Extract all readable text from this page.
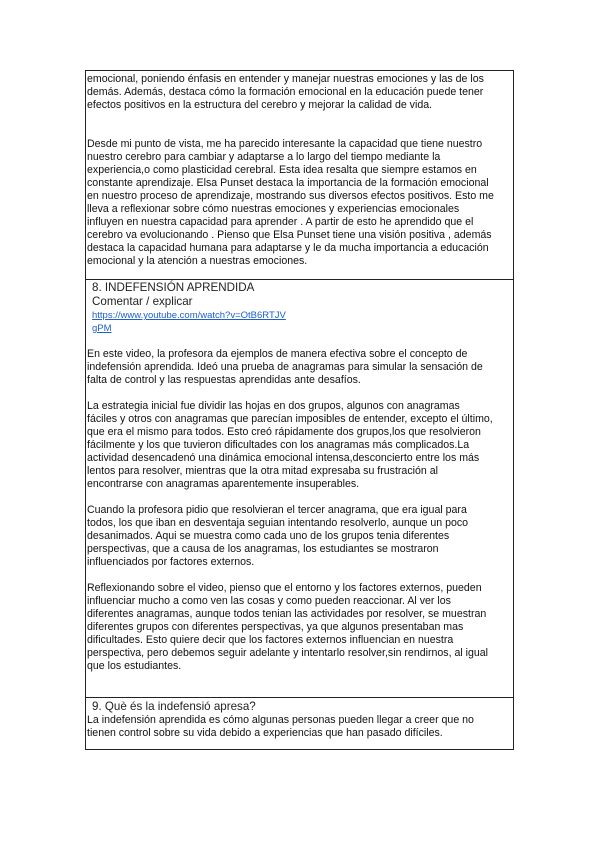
emocional, poniendo énfasis en entender y manejar nuestras emociones y las de los
demás. Además, destaca cómo la formación emocional en la educación puede tener
efectos positivos en la estructura del cerebro y mejorar la calidad de vida.
Desde mi punto de vista, me ha parecido interesante la capacidad que tiene nuestro
nuestro cerebro para cambiar y adaptarse a lo largo del tiempo mediante la
experiencia,o como plasticidad cerebral. Esta idea resalta que siempre estamos en
constante aprendizaje. Elsa Punset destaca la importancia de la formación emocional
en nuestro proceso de aprendizaje, mostrando sus diversos efectos positivos. Esto me
lleva a reflexionar sobre cómo nuestras emociones y experiencias emocionales
influyen en nuestra capacidad para aprender . A partir de esto he aprendido que el
cerebro va evolucionando . Pienso que Elsa Punset tiene una visión positiva , además
destaca la capacidad humana para adaptarse y le da mucha importancia a educación
emocional y la atención a nuestras emociones.
8. INDEFENSIÓN APRENDIDA
Comentar / explicar
https://www.youtube.com/watch?v=OtB6RTJV
gPM
En este video, la profesora da ejemplos de manera efectiva sobre el concepto de
indefensión aprendida. Ideó una prueba de anagramas para simular la sensación de
falta de control y las respuestas aprendidas ante desafíos.
La estrategia inicial fue dividir las hojas en dos grupos, algunos con anagramas
fáciles y otros con anagramas que parecían imposibles de entender, excepto el último,
que era el mismo para todos. Esto creó rápidamente dos grupos,los que resolvieron
fácilmente y los que tuvieron dificultades con los anagramas más complicados.La
actividad desencadenó una dinámica emocional intensa,desconcierto entre los más
lentos para resolver, mientras que la otra mitad expresaba su frustración al
encontrarse con anagramas aparentemente insuperables.
Cuando la profesora pidio que resolvieran el tercer anagrama, que era igual para
todos, los que iban en desventaja seguian intentando resolverlo, aunque un poco
desanimados. Aqui se muestra como cada uno de los grupos tenia diferentes
perspectivas, que a causa de los anagramas, los estudiantes se mostraron
influenciados por factores externos.
Reflexionando sobre el video, pienso que el entorno y los factores externos, pueden
influenciar mucho a como ven las cosas y como pueden reaccionar. Al ver los
diferentes anagramas, aunque todos tenian las actividades por resolver, se muestran
diferentes grupos con diferentes perspectivas, ya que algunos presentaban mas
dificultades. Esto quiere decir que los factores externos influencian en nuestra
perspectiva, pero debemos seguir adelante y intentarlo resolver,sin rendirnos, al igual
que los estudiantes.
9. Què és la indefensió apresa?
La indefensión aprendida es cómo algunas personas pueden llegar a creer que no
tienen control sobre su vida debido a experiencias que han pasado difíciles.
